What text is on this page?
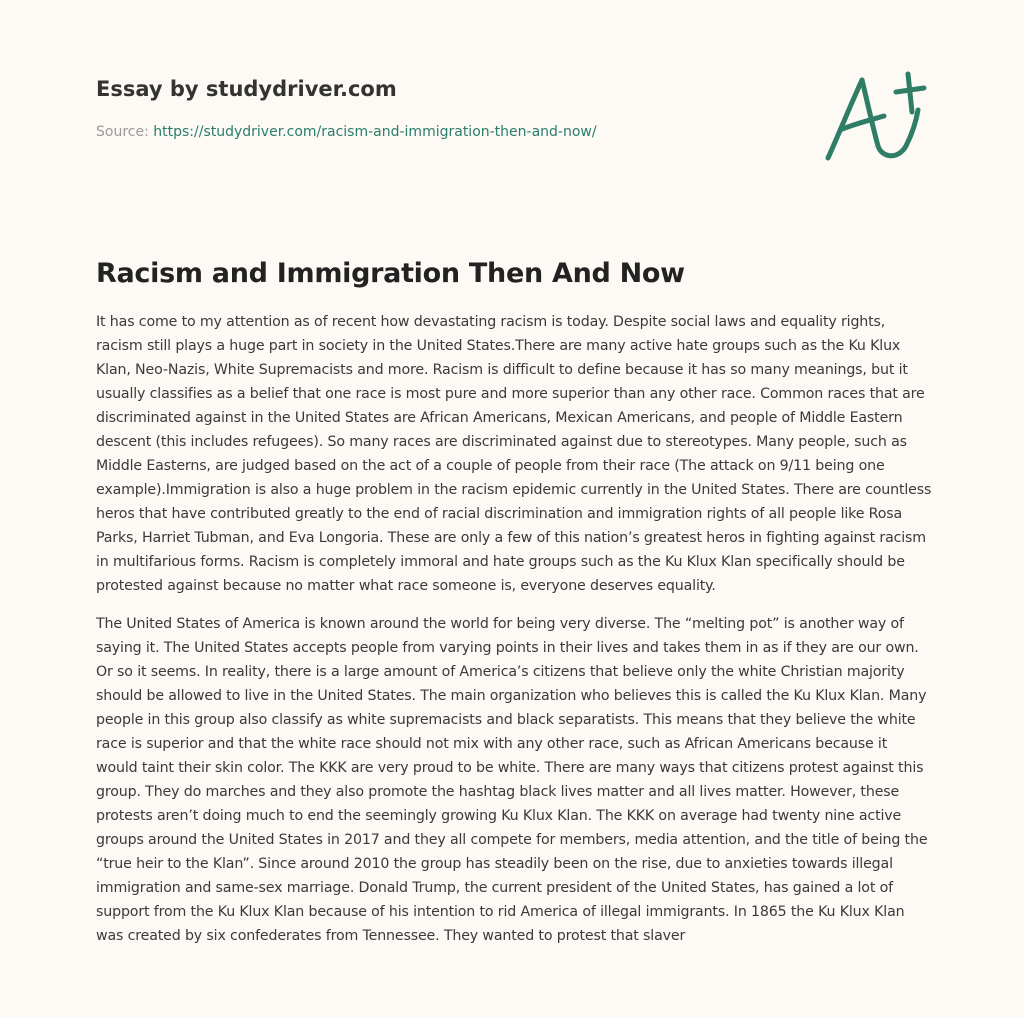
Essay by studydriver.com
Source: https://studydriver.com/racism-and-immigration-then-and-now/
Racism and Immigration Then And Now

It has come to my attention as of recent how devastating racism is today. Despite social laws and equality rights, racism still plays a huge part in society in the United States.There are many active hate groups such as the Ku Klux Klan, Neo-Nazis, White Supremacists and more. Racism is difficult to define because it has so many meanings, but it usually classifies as a belief that one race is most pure and more superior than any other race. Common races that are discriminated against in the United States are African Americans, Mexican Americans, and people of Middle Eastern descent (this includes refugees). So many races are discriminated against due to stereotypes. Many people, such as Middle Easterns, are judged based on the act of a couple of people from their race (The attack on 9/11 being one example).Immigration is also a huge problem in the racism epidemic currently in the United States. There are countless heros that have contributed greatly to the end of racial discrimination and immigration rights of all people like Rosa Parks, Harriet Tubman, and Eva Longoria. These are only a few of this nation’s greatest heros in fighting against racism in multifarious forms. Racism is completely immoral and hate groups such as the Ku Klux Klan specifically should be protested against because no matter what race someone is, everyone deserves equality.

The United States of America is known around the world for being very diverse. The “melting pot” is another way of saying it. The United States accepts people from varying points in their lives and takes them in as if they are our own. Or so it seems. In reality, there is a large amount of America’s citizens that believe only the white Christian majority should be allowed to live in the United States. The main organization who believes this is called the Ku Klux Klan. Many people in this group also classify as white supremacists and black separatists. This means that they believe the white race is superior and that the white race should not mix with any other race, such as African Americans because it would taint their skin color. The KKK are very proud to be white. There are many ways that citizens protest against this group. They do marches and they also promote the hashtag black lives matter and all lives matter. However, these protests aren’t doing much to end the seemingly growing Ku Klux Klan. The KKK on average had twenty nine active groups around the United States in 2017 and they all compete for members, media attention, and the title of being the “true heir to the Klan”. Since around 2010 the group has steadily been on the rise, due to anxieties towards illegal immigration and same-sex marriage. Donald Trump, the current president of the United States, has gained a lot of support from the Ku Klux Klan because of his intention to rid America of illegal immigrants. In 1865 the Ku Klux Klan was created by six confederates from Tennessee. They wanted to protest that slaver
